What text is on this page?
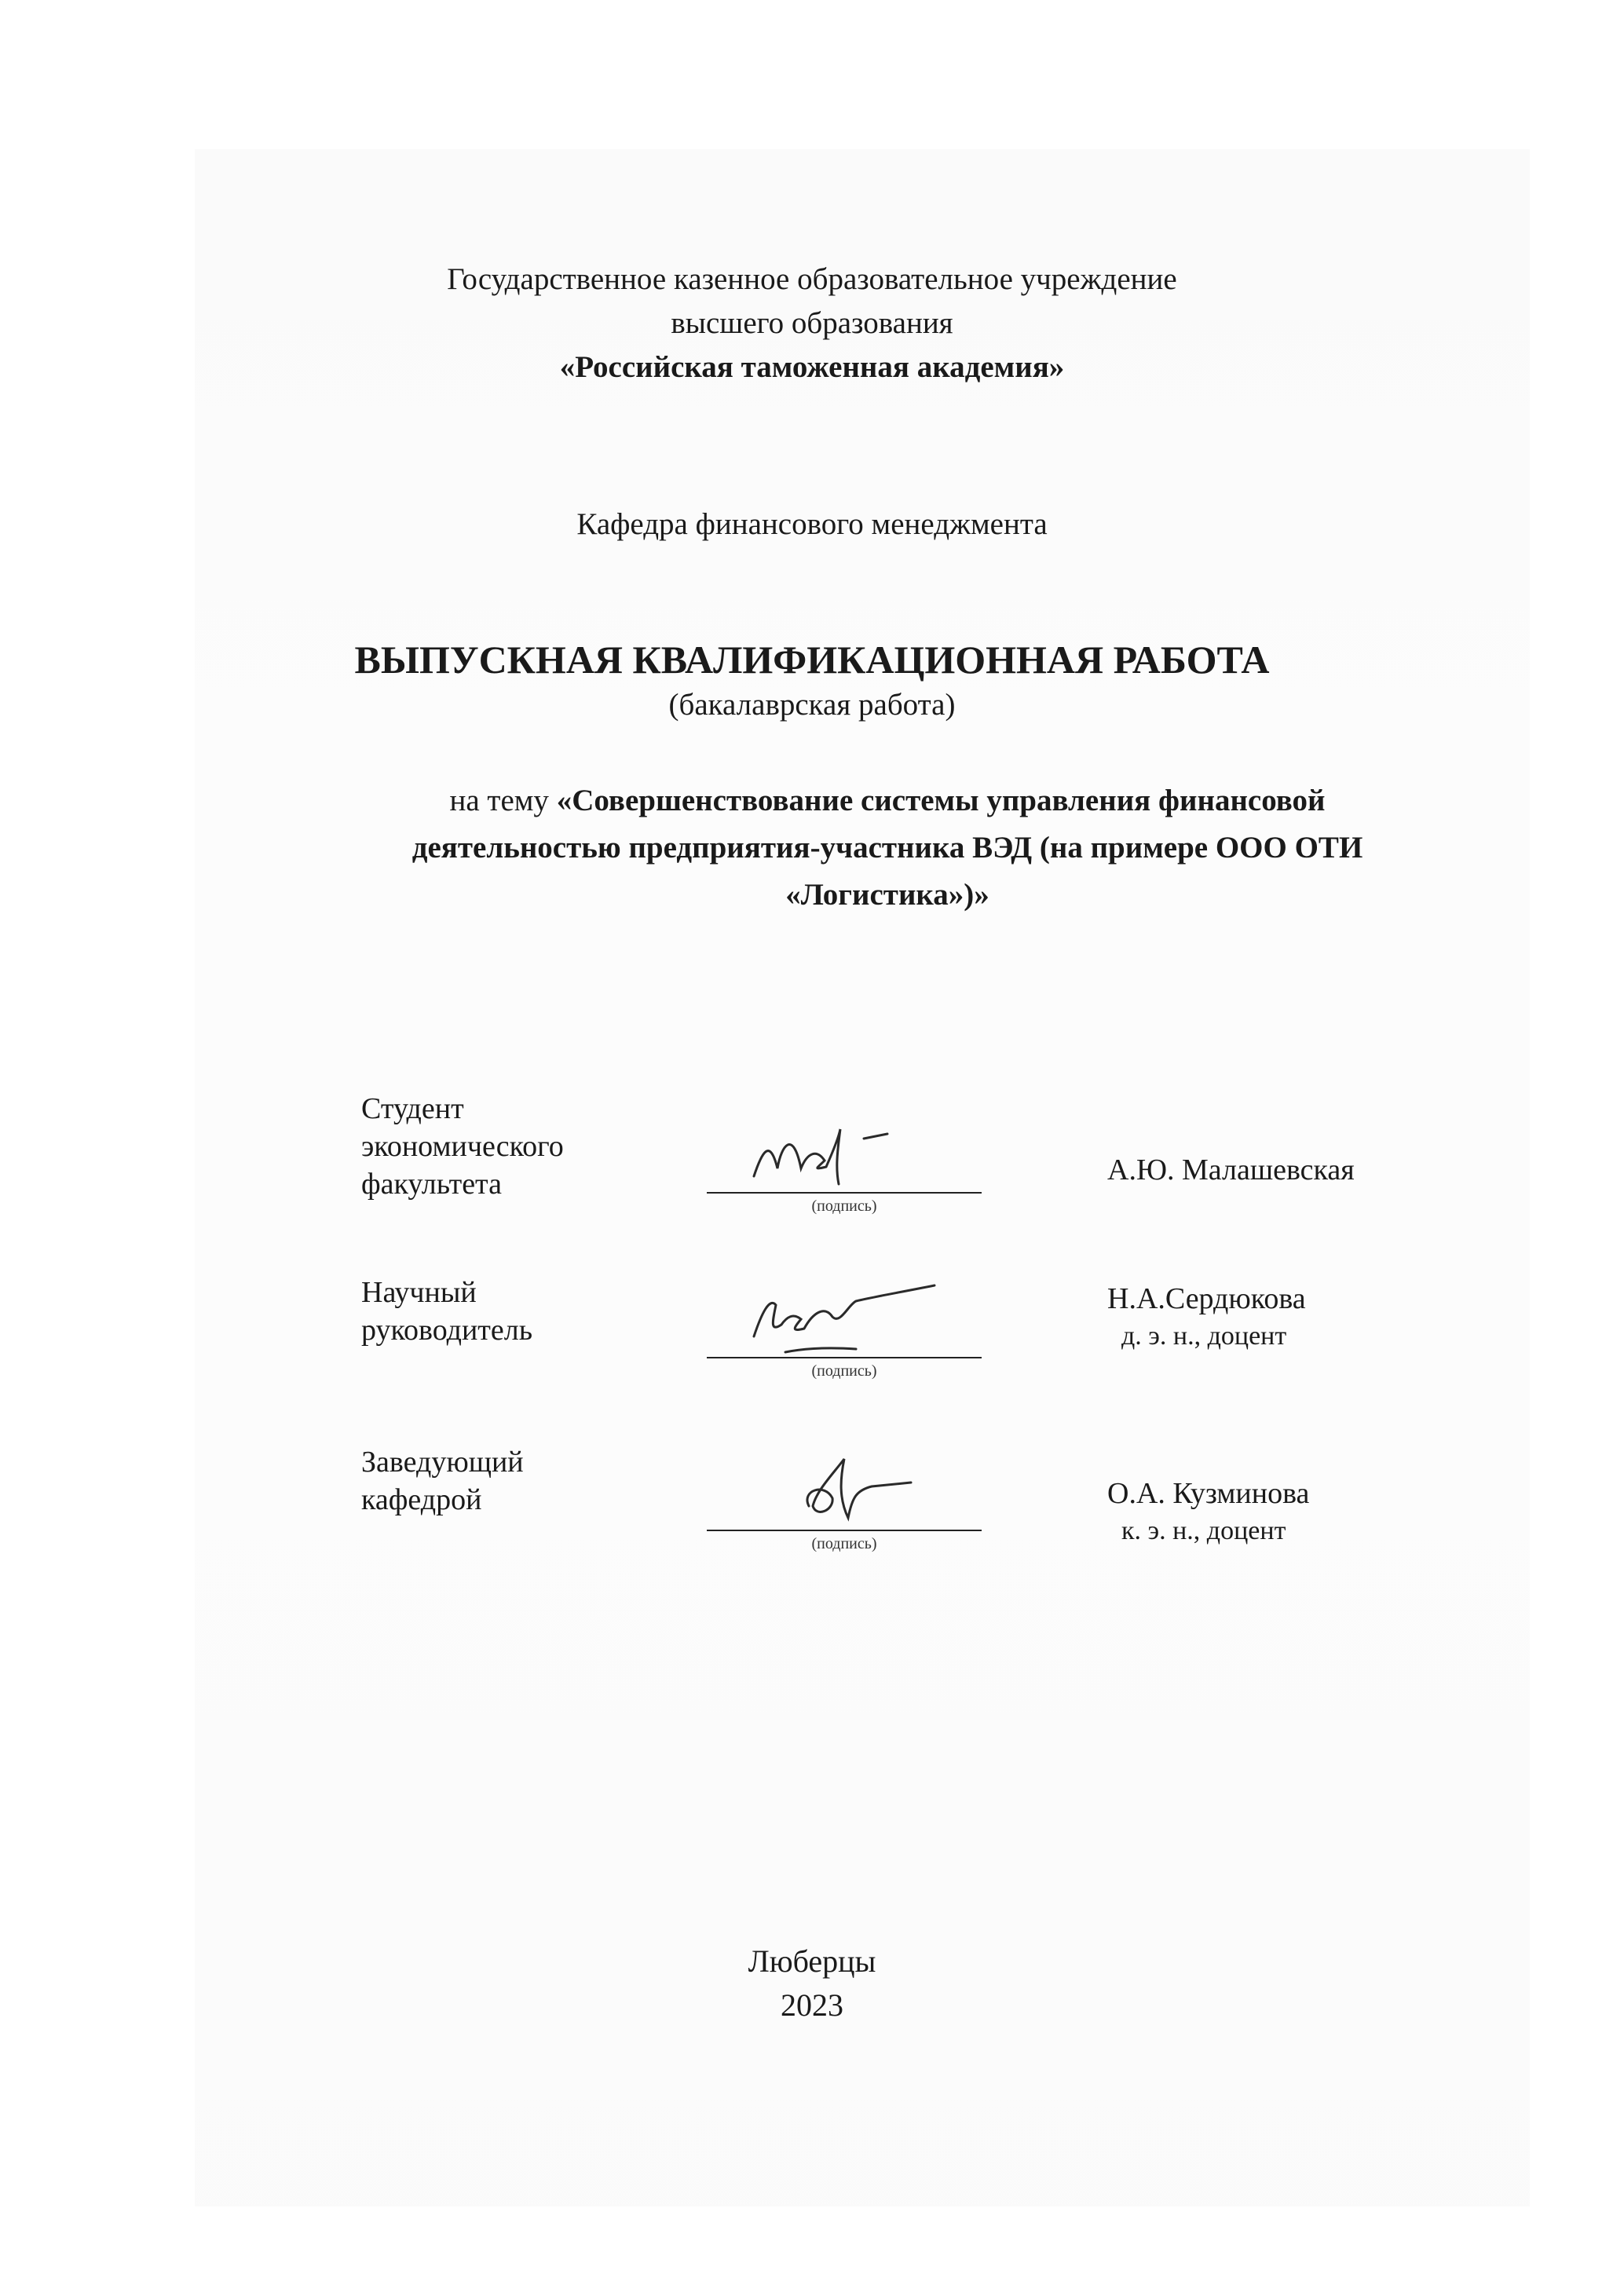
Государственное казенное образовательное учреждение
высшего образования
«Российская таможенная академия»
Кафедра финансового менеджмента
ВЫПУСКНАЯ КВАЛИФИКАЦИОННАЯ РАБОТА
(бакалаврская работа)
на тему «Совершенствование системы управления финансовой деятельностью предприятия-участника ВЭД (на примере ООО ОТИ «Логистика»)»
Студент
экономического
факультета
(подпись)
А.Ю. Малашевская
Научный
руководитель
(подпись)
Н.А.Сердюкова
д. э. н., доцент
Заведующий
кафедрой
(подпись)
О.А. Кузминова
к. э. н., доцент
Люберцы
2023
